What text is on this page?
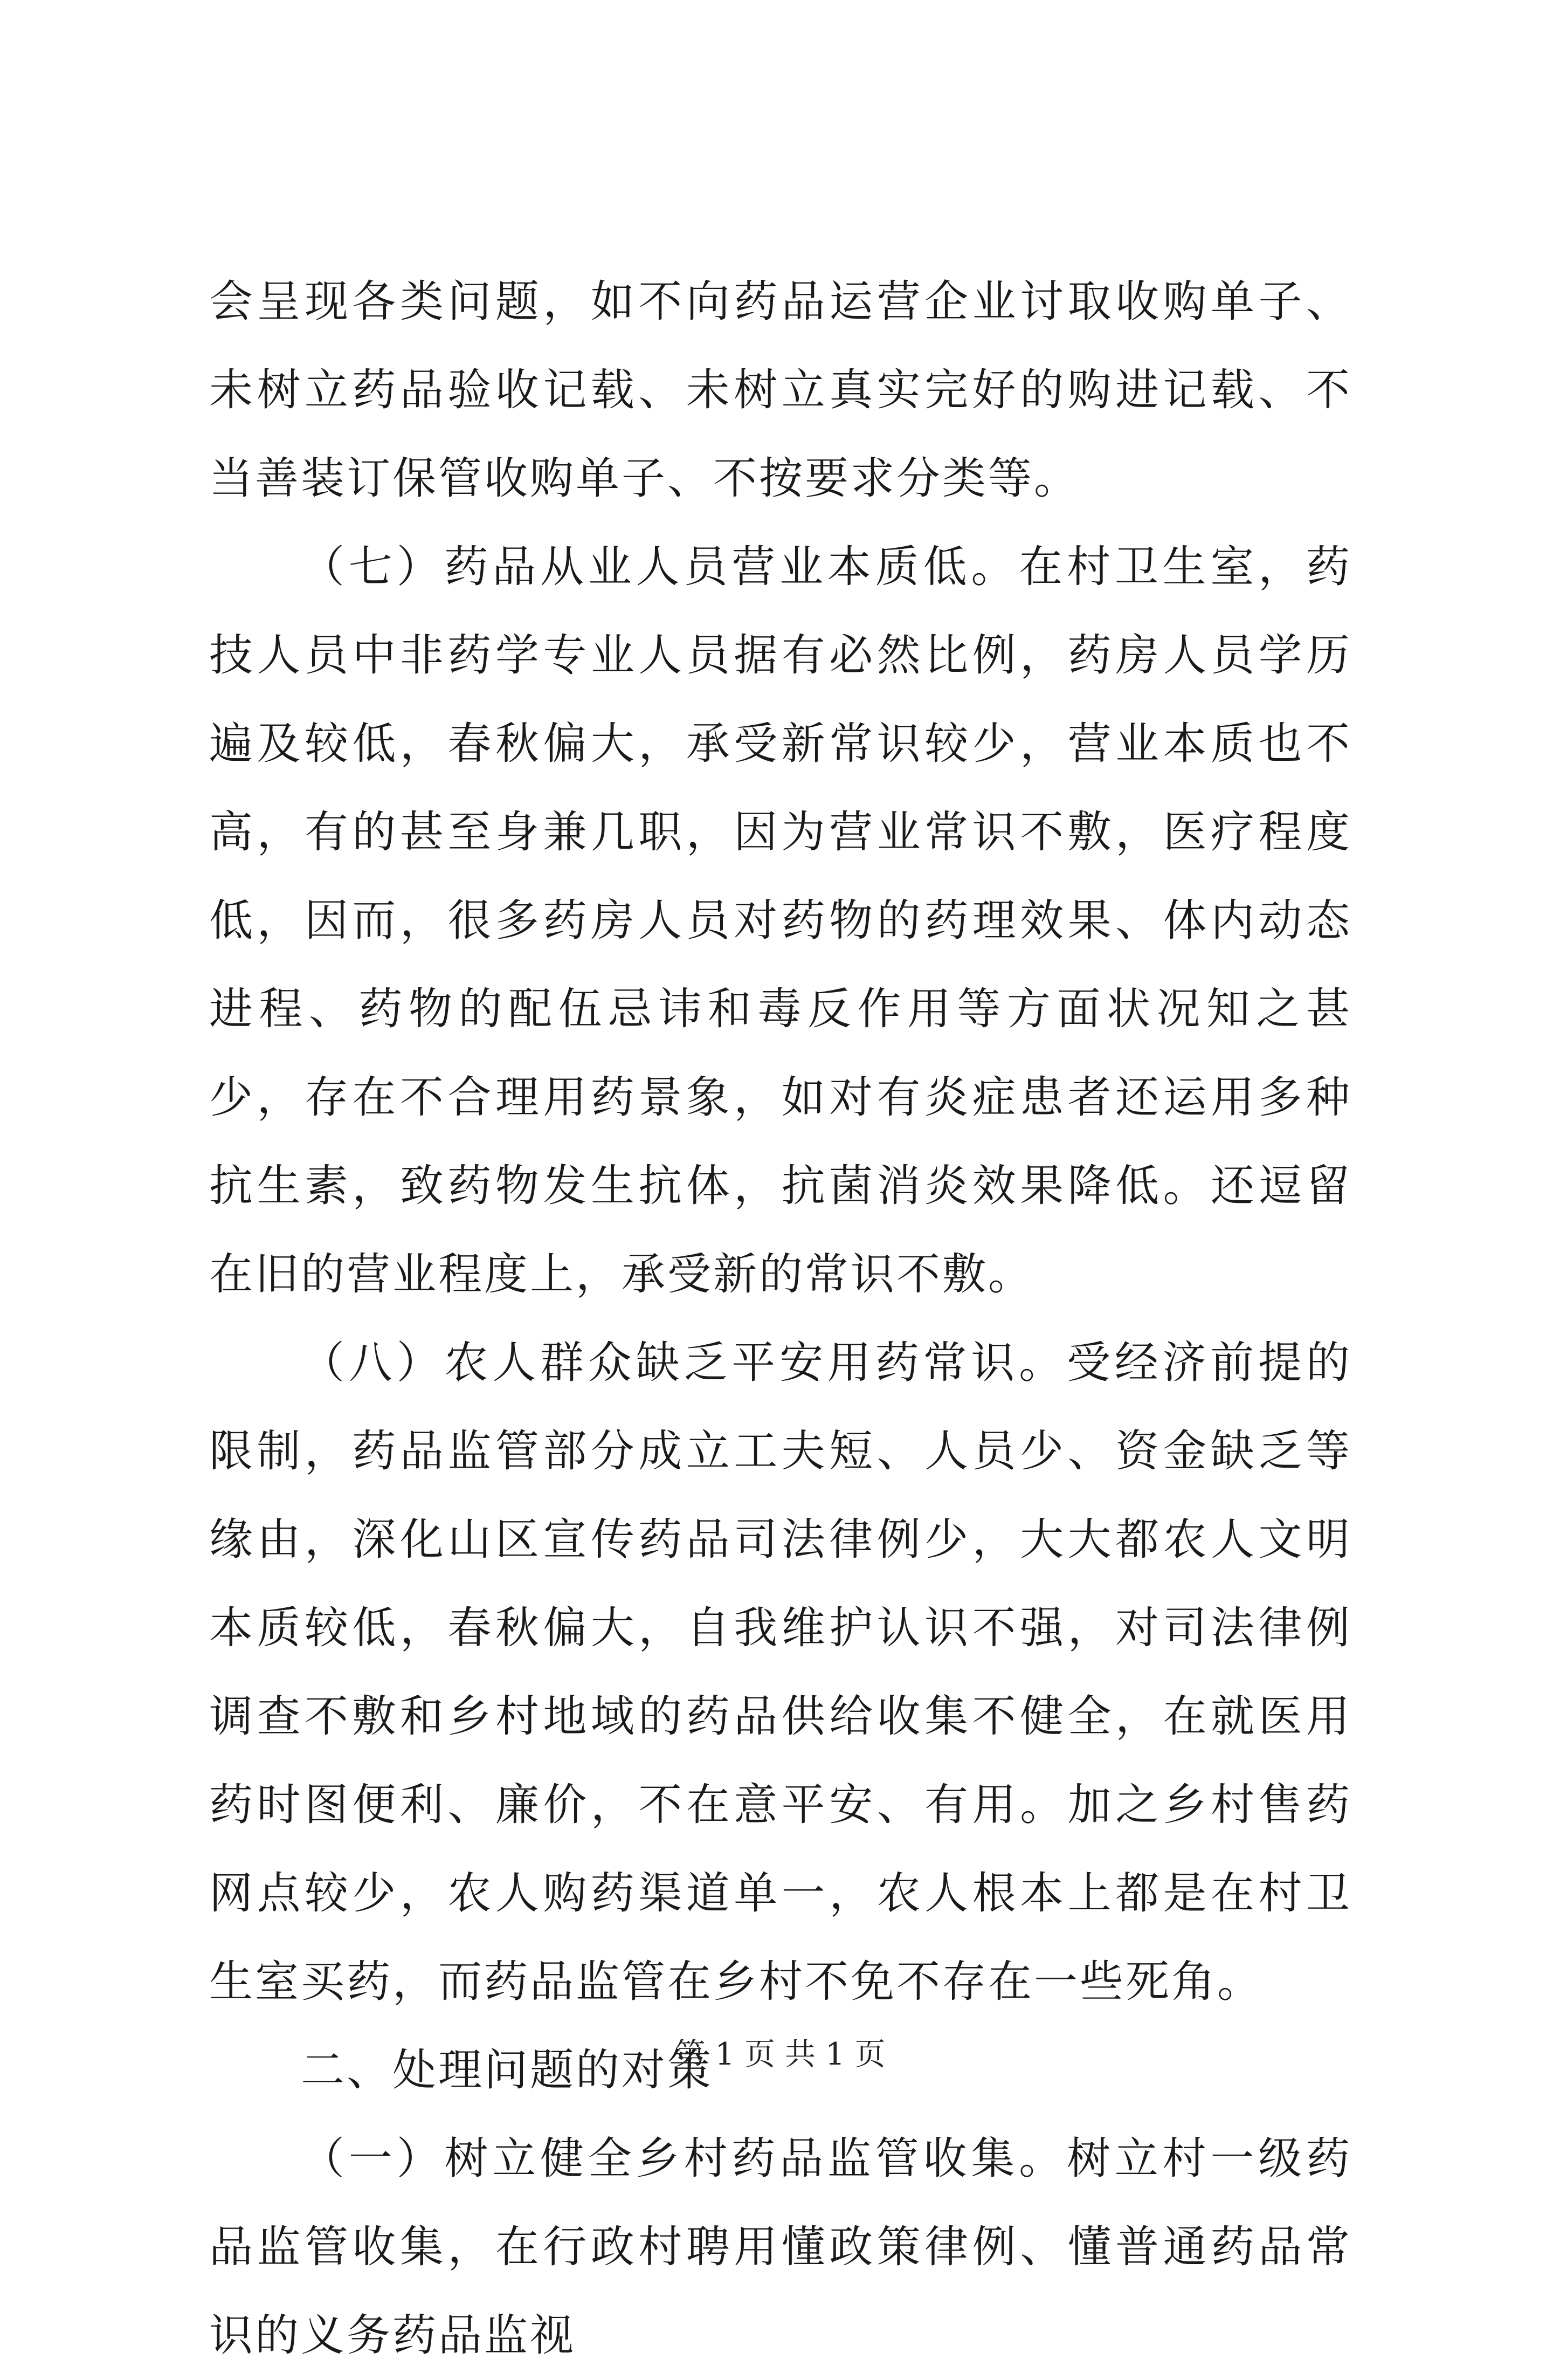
会呈现各类问题，如不向药品运营企业讨取收购单子、未树立药品验收记载、未树立真实完好的购进记载、不当善装订保管收购单子、不按要求分类等。

（七）药品从业人员营业本质低。在村卫生室，药技人员中非药学专业人员据有必然比例，药房人员学历遍及较低，春秋偏大，承受新常识较少，营业本质也不高，有的甚至身兼几职，因为营业常识不敷，医疗程度低，因而，很多药房人员对药物的药理效果、体内动态进程、药物的配伍忌讳和毒反作用等方面状况知之甚少，存在不合理用药景象，如对有炎症患者还运用多种抗生素，致药物发生抗体，抗菌消炎效果降低。还逗留在旧的营业程度上，承受新的常识不敷。

（八）农人群众缺乏平安用药常识。受经济前提的限制，药品监管部分成立工夫短、人员少、资金缺乏等缘由，深化山区宣传药品司法律例少，大大都农人文明本质较低，春秋偏大，自我维护认识不强，对司法律例调查不敷和乡村地域的药品供给收集不健全，在就医用药时图便利、廉价，不在意平安、有用。加之乡村售药网点较少，农人购药渠道单一，农人根本上都是在村卫生室买药，而药品监管在乡村不免不存在一些死角。

二、处理问题的对策

（一）树立健全乡村药品监管收集。树立村一级药品监管收集，在行政村聘用懂政策律例、懂普通药品常识的义务药品监视

第 1 页 共 1 页
